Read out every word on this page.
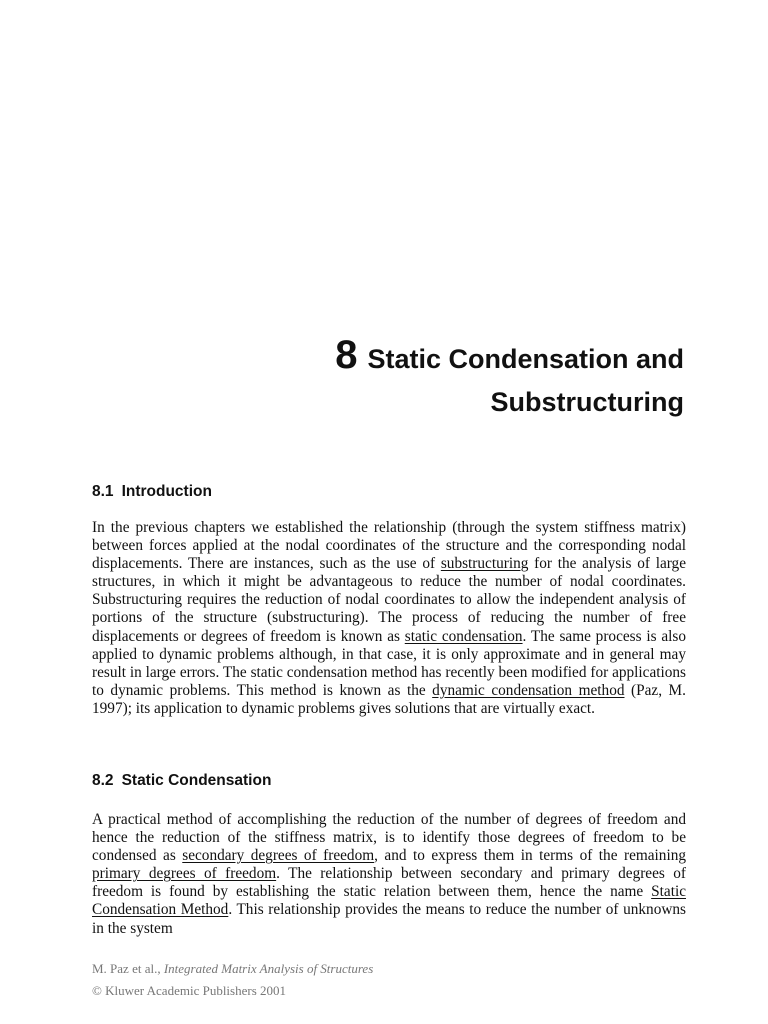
8 Static Condensation and
Substructuring
8.1 Introduction

In the previous chapters we established the relationship (through the system stiffness matrix) between forces applied at the nodal coordinates of the structure and the corresponding nodal displacements. There are instances, such as the use of substructuring for the analysis of large structures, in which it might be advantageous to reduce the number of nodal coordinates. Substructuring requires the reduction of nodal coordinates to allow the independent analysis of portions of the structure (substructuring). The process of reducing the number of free displacements or degrees of freedom is known as static condensation. The same process is also applied to dynamic problems although, in that case, it is only approximate and in general may result in large errors. The static condensation method has recently been modified for applications to dynamic problems. This method is known as the dynamic condensation method (Paz, M. 1997); its application to dynamic problems gives solutions that are virtually exact.

8.2 Static Condensation

A practical method of accomplishing the reduction of the number of degrees of freedom and hence the reduction of the stiffness matrix, is to identify those degrees of freedom to be condensed as secondary degrees of freedom, and to express them in terms of the remaining primary degrees of freedom. The relationship between secondary and primary degrees of freedom is found by establishing the static relation between them, hence the name Static Condensation Method. This relationship provides the means to reduce the number of unknowns in the system

M. Paz et al., Integrated Matrix Analysis of Structures
© Kluwer Academic Publishers 2001
